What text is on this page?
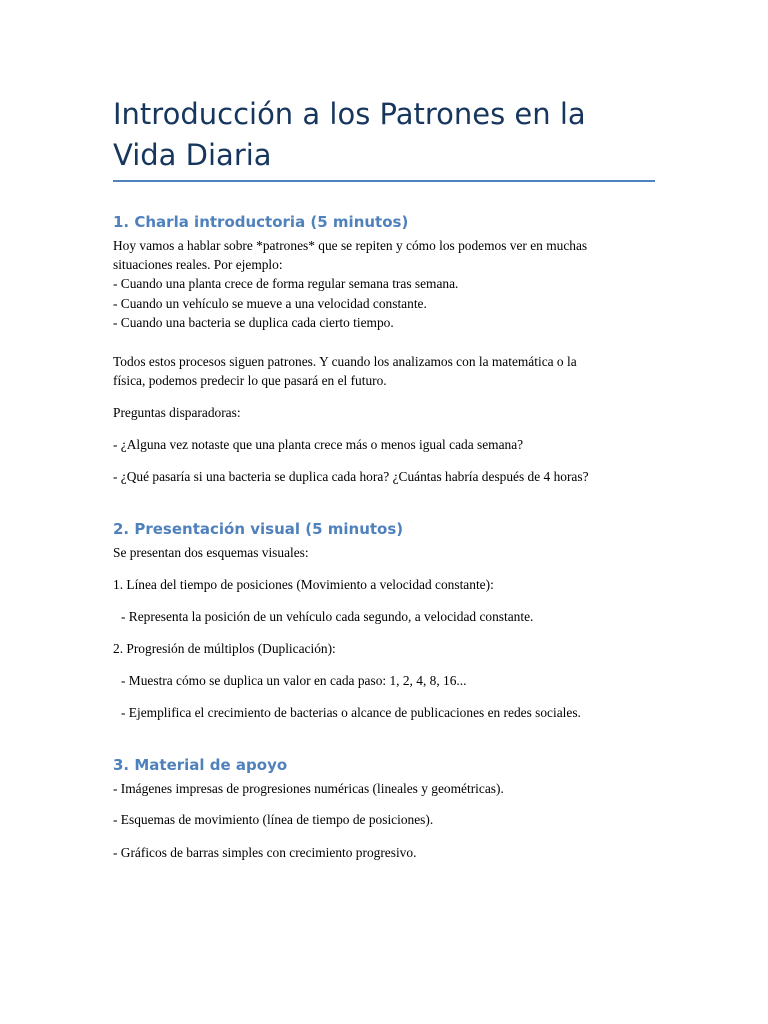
Introducción a los Patrones en la Vida Diaria
1. Charla introductoria (5 minutos)

Hoy vamos a hablar sobre *patrones* que se repiten y cómo los podemos ver en muchas

situaciones reales. Por ejemplo:

- Cuando una planta crece de forma regular semana tras semana.

- Cuando un vehículo se mueve a una velocidad constante.

- Cuando una bacteria se duplica cada cierto tiempo.

Todos estos procesos siguen patrones. Y cuando los analizamos con la matemática o la

física, podemos predecir lo que pasará en el futuro.

Preguntas disparadoras:

- ¿Alguna vez notaste que una planta crece más o menos igual cada semana?

- ¿Qué pasaría si una bacteria se duplica cada hora? ¿Cuántas habría después de 4 horas?

2. Presentación visual (5 minutos)

Se presentan dos esquemas visuales:

1. Línea del tiempo de posiciones (Movimiento a velocidad constante):

- Representa la posición de un vehículo cada segundo, a velocidad constante.

2. Progresión de múltiplos (Duplicación):

- Muestra cómo se duplica un valor en cada paso: 1, 2, 4, 8, 16...

- Ejemplifica el crecimiento de bacterias o alcance de publicaciones en redes sociales.

3. Material de apoyo

- Imágenes impresas de progresiones numéricas (lineales y geométricas).

- Esquemas de movimiento (línea de tiempo de posiciones).

- Gráficos de barras simples con crecimiento progresivo.
